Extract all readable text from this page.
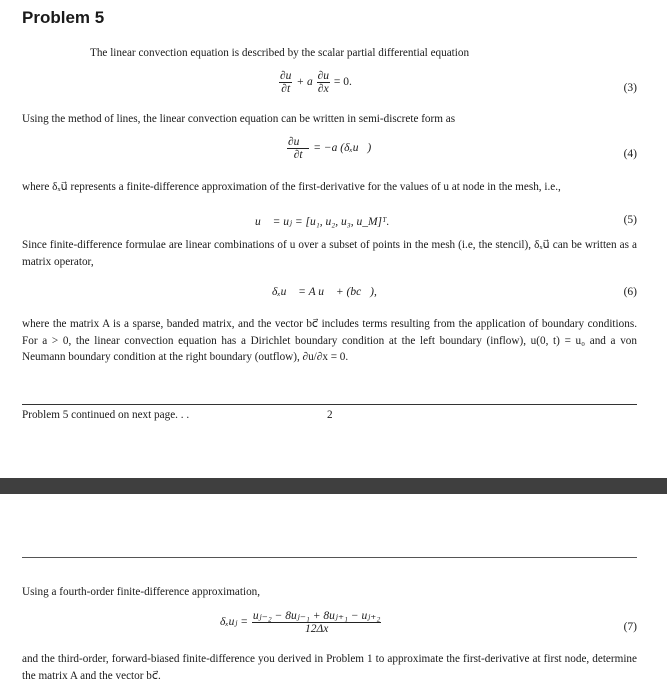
Problem 5
The linear convection equation is described by the scalar partial differential equation
$\frac{\partial u}{\partial t} + a \frac{\partial u}{\partial x} = 0$.	(3)
Using the method of lines, the linear convection equation can be written in semi-discrete form as
$\frac{\partial u⃗}{\partial t} = -a$ (δₓu⃗)	(4)
where δₓu⃗ represents a finite-difference approximation of the first-derivative for the values of u at node in the mesh, i.e.,
u⃗ = uⱼ = [u₁, u₂, u₃, u_M]ᵀ.	(5)
Since finite-difference formulae are linear combinations of u over a subset of points in the mesh (i.e, the stencil), δₓu⃗ can be written as a matrix operator,
δₓu⃗ = A u⃗ + (bc⃗),	(6)
where the matrix A is a sparse, banded matrix, and the vector bc⃗ includes terms resulting from the application of boundary conditions. For a > 0, the linear convection equation has a Dirichlet boundary condition at the left boundary (inflow), u(0, t) = u₀ and a von Neumann boundary condition at the right boundary (outflow), ∂u/∂x = 0.
Problem 5 continued on next page. . .	2
Using a fourth-order finite-difference approximation,
δₓuⱼ = $\frac{\text{uⱼ₋₂ − 8uⱼ₋₁ + 8uⱼ₊₁ − uⱼ₊₂}}{12\Delta x}$	(7)
and the third-order, forward-biased finite-difference you derived in Problem 1 to approximate the first-derivative at first node, determine the matrix A and the vector bc⃗.
